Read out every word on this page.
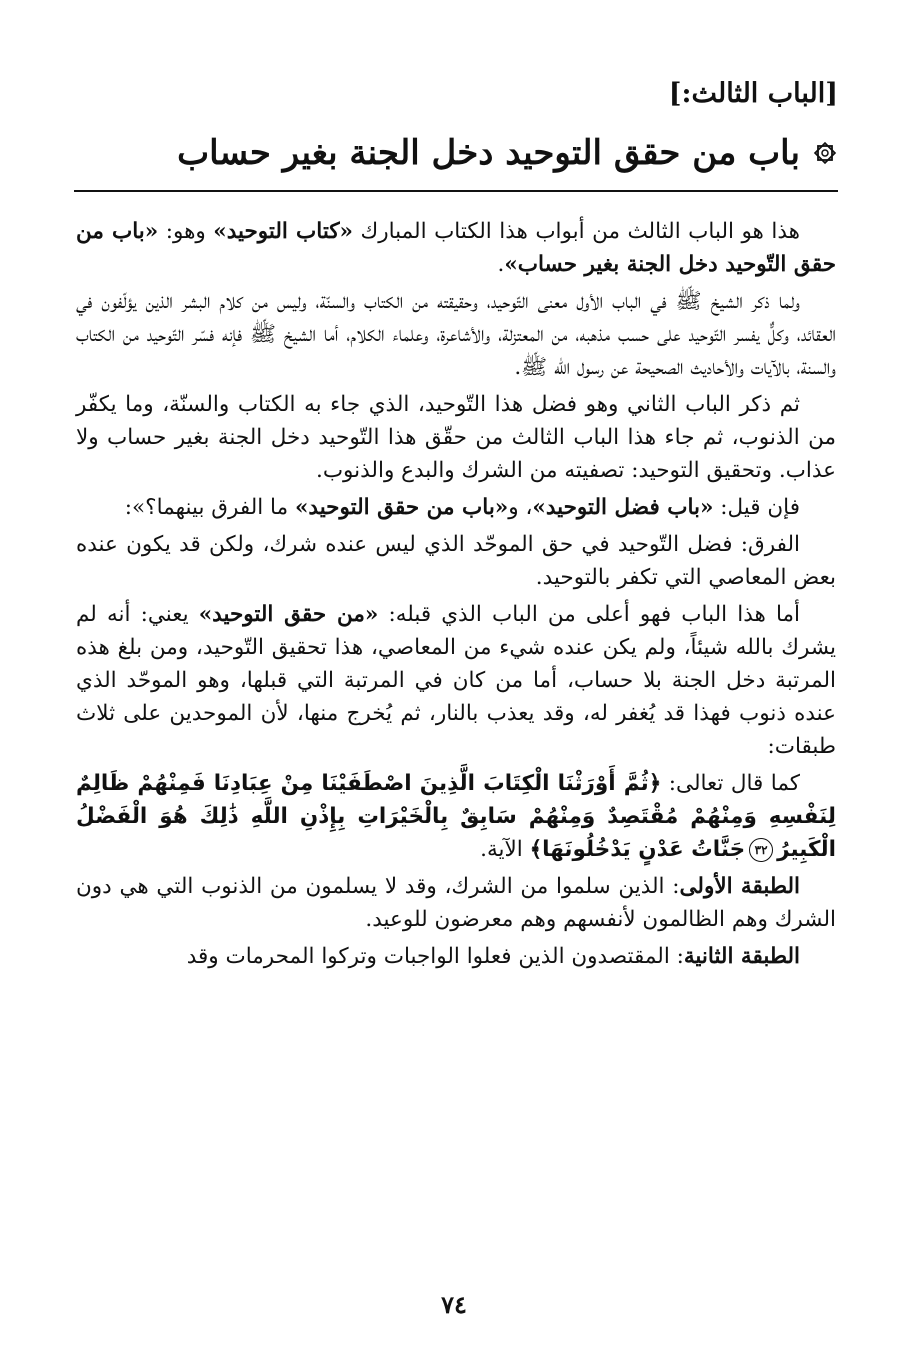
[الباب الثالث:]
باب من حقق التوحيد دخل الجنة بغير حساب

هذا هو الباب الثالث من أبواب هذا الكتاب المبارك «كتاب التوحيد» وهو: «باب من حقق التّوحيد دخل الجنة بغير حساب».

ولما ذكر الشيخ ﷺ في الباب الأول معنى التّوحيد، وحقيقته من الكتاب والسنّة، وليس من كلام البشر الذين يؤلّفون في العقائد، وكلٌّ يفسر التّوحيد على حسب مذهبه، من المعتزلة، والأشاعرة، وعلماء الكلام، أما الشيخ ﷺ فإنه فسّر التّوحيد من الكتاب والسنة، بالآيات والأحاديث الصحيحة عن رسول الله ﷺ.

ثم ذكر الباب الثاني وهو فضل هذا التّوحيد، الذي جاء به الكتاب والسنّة، وما يكفّر من الذنوب، ثم جاء هذا الباب الثالث من حقّق هذا التّوحيد دخل الجنة بغير حساب ولا عذاب. وتحقيق التوحيد: تصفيته من الشرك والبدع والذنوب.

فإن قيل: «باب فضل التوحيد»، و«باب من حقق التوحيد» ما الفرق بينهما؟»:

الفرق: فضل التّوحيد في حق الموحّد الذي ليس عنده شرك، ولكن قد يكون عنده بعض المعاصي التي تكفر بالتوحيد.

أما هذا الباب فهو أعلى من الباب الذي قبله: «من حقق التوحيد» يعني: أنه لم يشرك بالله شيئاً، ولم يكن عنده شيء من المعاصي، هذا تحقيق التّوحيد، ومن بلغ هذه المرتبة دخل الجنة بلا حساب، أما من كان في المرتبة التي قبلها، وهو الموحّد الذي عنده ذنوب فهذا قد يُغفر له، وقد يعذب بالنار، ثم يُخرج منها، لأن الموحدين على ثلاث طبقات:

كما قال تعالى: ﴿ثُمَّ أَوْرَثْنَا الْكِتَابَ الَّذِينَ اصْطَفَيْنَا مِنْ عِبَادِنَا فَمِنْهُمْ ظَالِمٌ لِنَفْسِهِ وَمِنْهُمْ مُقْتَصِدٌ وَمِنْهُمْ سَابِقٌ بِالْخَيْرَاتِ بِإِذْنِ اللَّهِ ذَٰلِكَ هُوَ الْفَضْلُ الْكَبِيرُ٣٢جَنَّاتُ عَدْنٍ يَدْخُلُونَهَا﴾ الآية.

الطبقة الأولى: الذين سلموا من الشرك، وقد لا يسلمون من الذنوب التي هي دون الشرك وهم الظالمون لأنفسهم وهم معرضون للوعيد.

الطبقة الثانية: المقتصدون الذين فعلوا الواجبات وتركوا المحرمات وقد

٧٤
